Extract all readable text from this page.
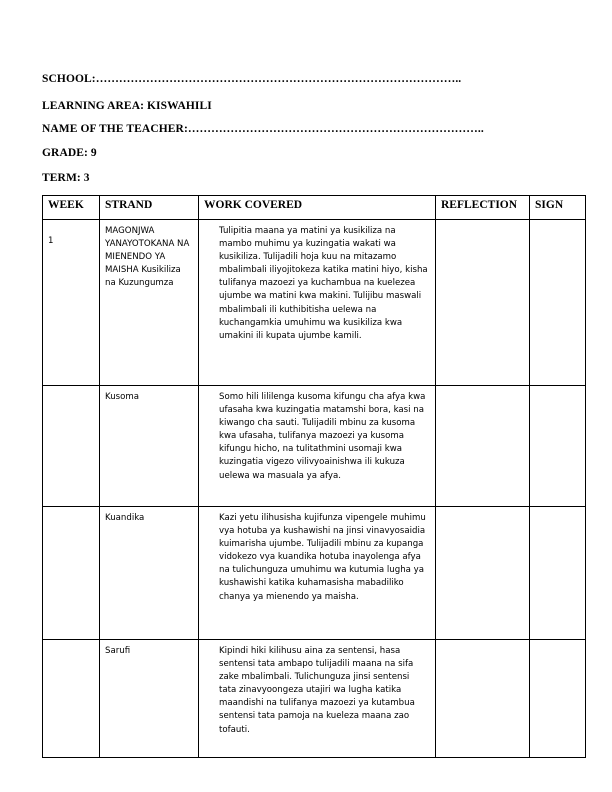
SCHOOL:…………………………………………………………………………………..
LEARNING AREA: KISWAHILI
NAME OF THE TEACHER:…………………………………………………………………..
GRADE: 9
TERM: 3
WEEK	STRAND	WORK COVERED	REFLECTION	SIGN
1	MAGONJWA YANAYOTOKANA NA MIENENDO YA MAISHA Kusikiliza na Kuzungumza	Tulipitia maana ya matini ya kusikiliza na mambo muhimu ya kuzingatia wakati wa kusikiliza. Tulijadili hoja kuu na mitazamo mbalimbali iliyojitokeza katika matini hiyo, kisha tulifanya mazoezi ya kuchambua na kuelezea ujumbe wa matini kwa makini. Tulijibu maswali mbalimbali ili kuthibitisha uelewa na kuchangamkia umuhimu wa kusikiliza kwa umakini ili kupata ujumbe kamili.		
	Kusoma	Somo hili lililenga kusoma kifungu cha afya kwa ufasaha kwa kuzingatia matamshi bora, kasi na kiwango cha sauti. Tulijadili mbinu za kusoma kwa ufasaha, tulifanya mazoezi ya kusoma kifungu hicho, na tulitathmini usomaji kwa kuzingatia vigezo vilivyoainishwa ili kukuza uelewa wa masuala ya afya.		
	Kuandika	Kazi yetu ilihusisha kujifunza vipengele muhimu vya hotuba ya kushawishi na jinsi vinavyosaidia kuimarisha ujumbe. Tulijadili mbinu za kupanga vidokezo vya kuandika hotuba inayolenga afya na tulichunguza umuhimu wa kutumia lugha ya kushawishi katika kuhamasisha mabadiliko chanya ya mienendo ya maisha.		
	Sarufi	Kipindi hiki kilihusu aina za sentensi, hasa sentensi tata ambapo tulijadili maana na sifa zake mbalimbali. Tulichunguza jinsi sentensi tata zinavyoongeza utajiri wa lugha katika maandishi na tulifanya mazoezi ya kutambua sentensi tata pamoja na kueleza maana zao tofauti.		
